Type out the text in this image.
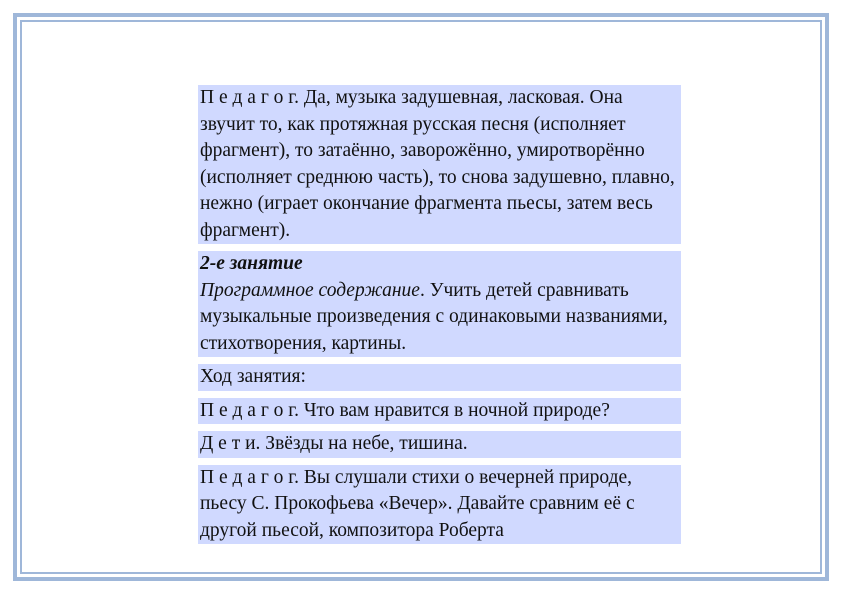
П е д а г о г. Да, музыка задушевная, ласковая. Она звучит то, как протяжная русская песня (исполняет фрагмент), то затаённо, заворожённо, умиротворённо (исполняет среднюю часть), то снова задушевно, плавно, нежно (играет окончание фрагмента пьесы, затем весь фрагмент).

2-е занятие

Программное содержание. Учить детей сравнивать музыкальные произведения с одинаковыми названиями, стихотворения, картины.

Ход занятия:

П е д а г о г. Что вам нравится в ночной природе?

Д е т и. Звёзды на небе, тишина.

П е д а г о г. Вы слушали стихи о вечерней природе, пьесу С. Прокофьева «Вечер». Давайте сравним её с другой пьесой, композитора Роберта
